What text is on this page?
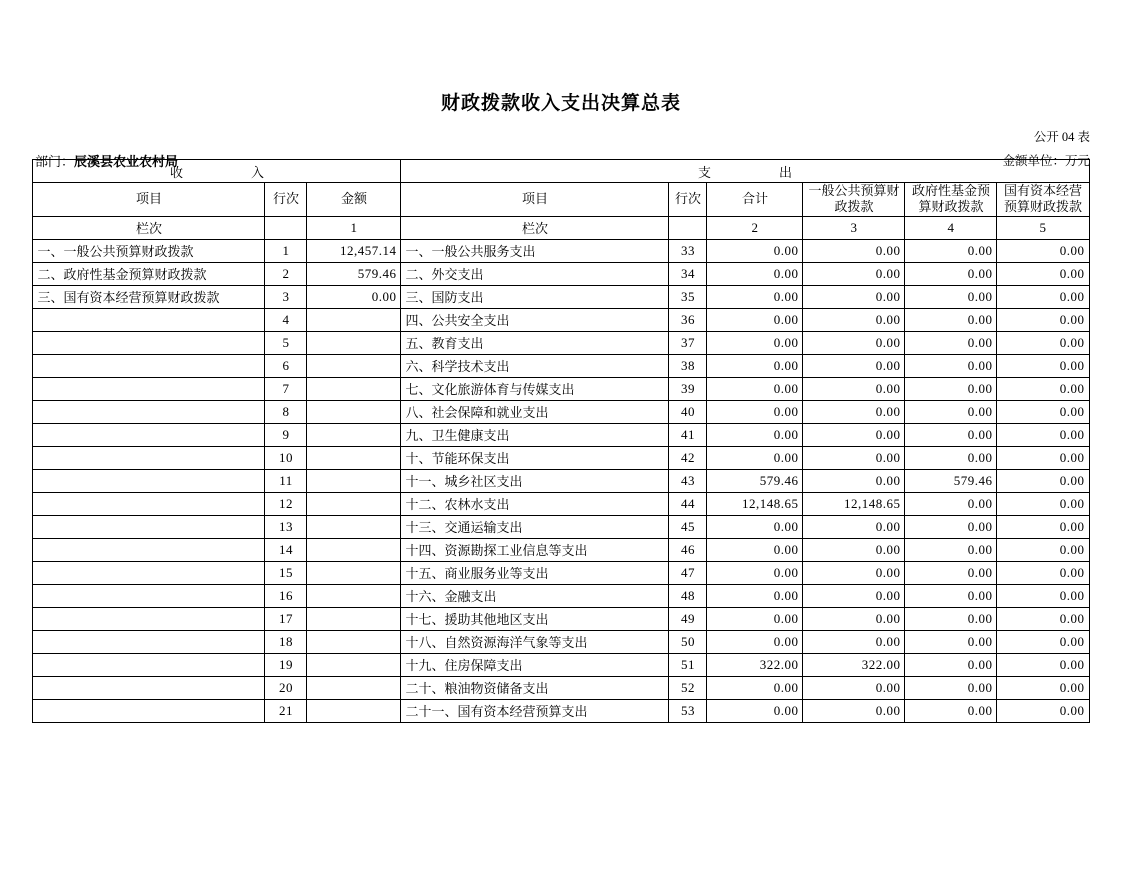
财政拨款收入支出决算总表
公开 04 表
部门：辰溪县农业农村局	金额单位：万元
收　　入			支　　出					
项目	行次	金额	项目	行次	合计	一般公共预算财政拨款	政府性基金预算财政拨款	国有资本经营预算财政拨款
栏次		1	栏次		2	3	4	5
一、一般公共预算财政拨款	1	12,457.14	一、一般公共服务支出	33	0.00	0.00	0.00	0.00
二、政府性基金预算财政拨款	2	579.46	二、外交支出	34	0.00	0.00	0.00	0.00
三、国有资本经营预算财政拨款	3	0.00	三、国防支出	35	0.00	0.00	0.00	0.00
	4		四、公共安全支出	36	0.00	0.00	0.00	0.00
	5		五、教育支出	37	0.00	0.00	0.00	0.00
	6		六、科学技术支出	38	0.00	0.00	0.00	0.00
	7		七、文化旅游体育与传媒支出	39	0.00	0.00	0.00	0.00
	8		八、社会保障和就业支出	40	0.00	0.00	0.00	0.00
	9		九、卫生健康支出	41	0.00	0.00	0.00	0.00
	10		十、节能环保支出	42	0.00	0.00	0.00	0.00
	11		十一、城乡社区支出	43	579.46	0.00	579.46	0.00
	12		十二、农林水支出	44	12,148.65	12,148.65	0.00	0.00
	13		十三、交通运输支出	45	0.00	0.00	0.00	0.00
	14		十四、资源勘探工业信息等支出	46	0.00	0.00	0.00	0.00
	15		十五、商业服务业等支出	47	0.00	0.00	0.00	0.00
	16		十六、金融支出	48	0.00	0.00	0.00	0.00
	17		十七、援助其他地区支出	49	0.00	0.00	0.00	0.00
	18		十八、自然资源海洋气象等支出	50	0.00	0.00	0.00	0.00
	19		十九、住房保障支出	51	322.00	322.00	0.00	0.00
	20		二十、粮油物资储备支出	52	0.00	0.00	0.00	0.00
	21		二十一、国有资本经营预算支出	53	0.00	0.00	0.00	0.00
